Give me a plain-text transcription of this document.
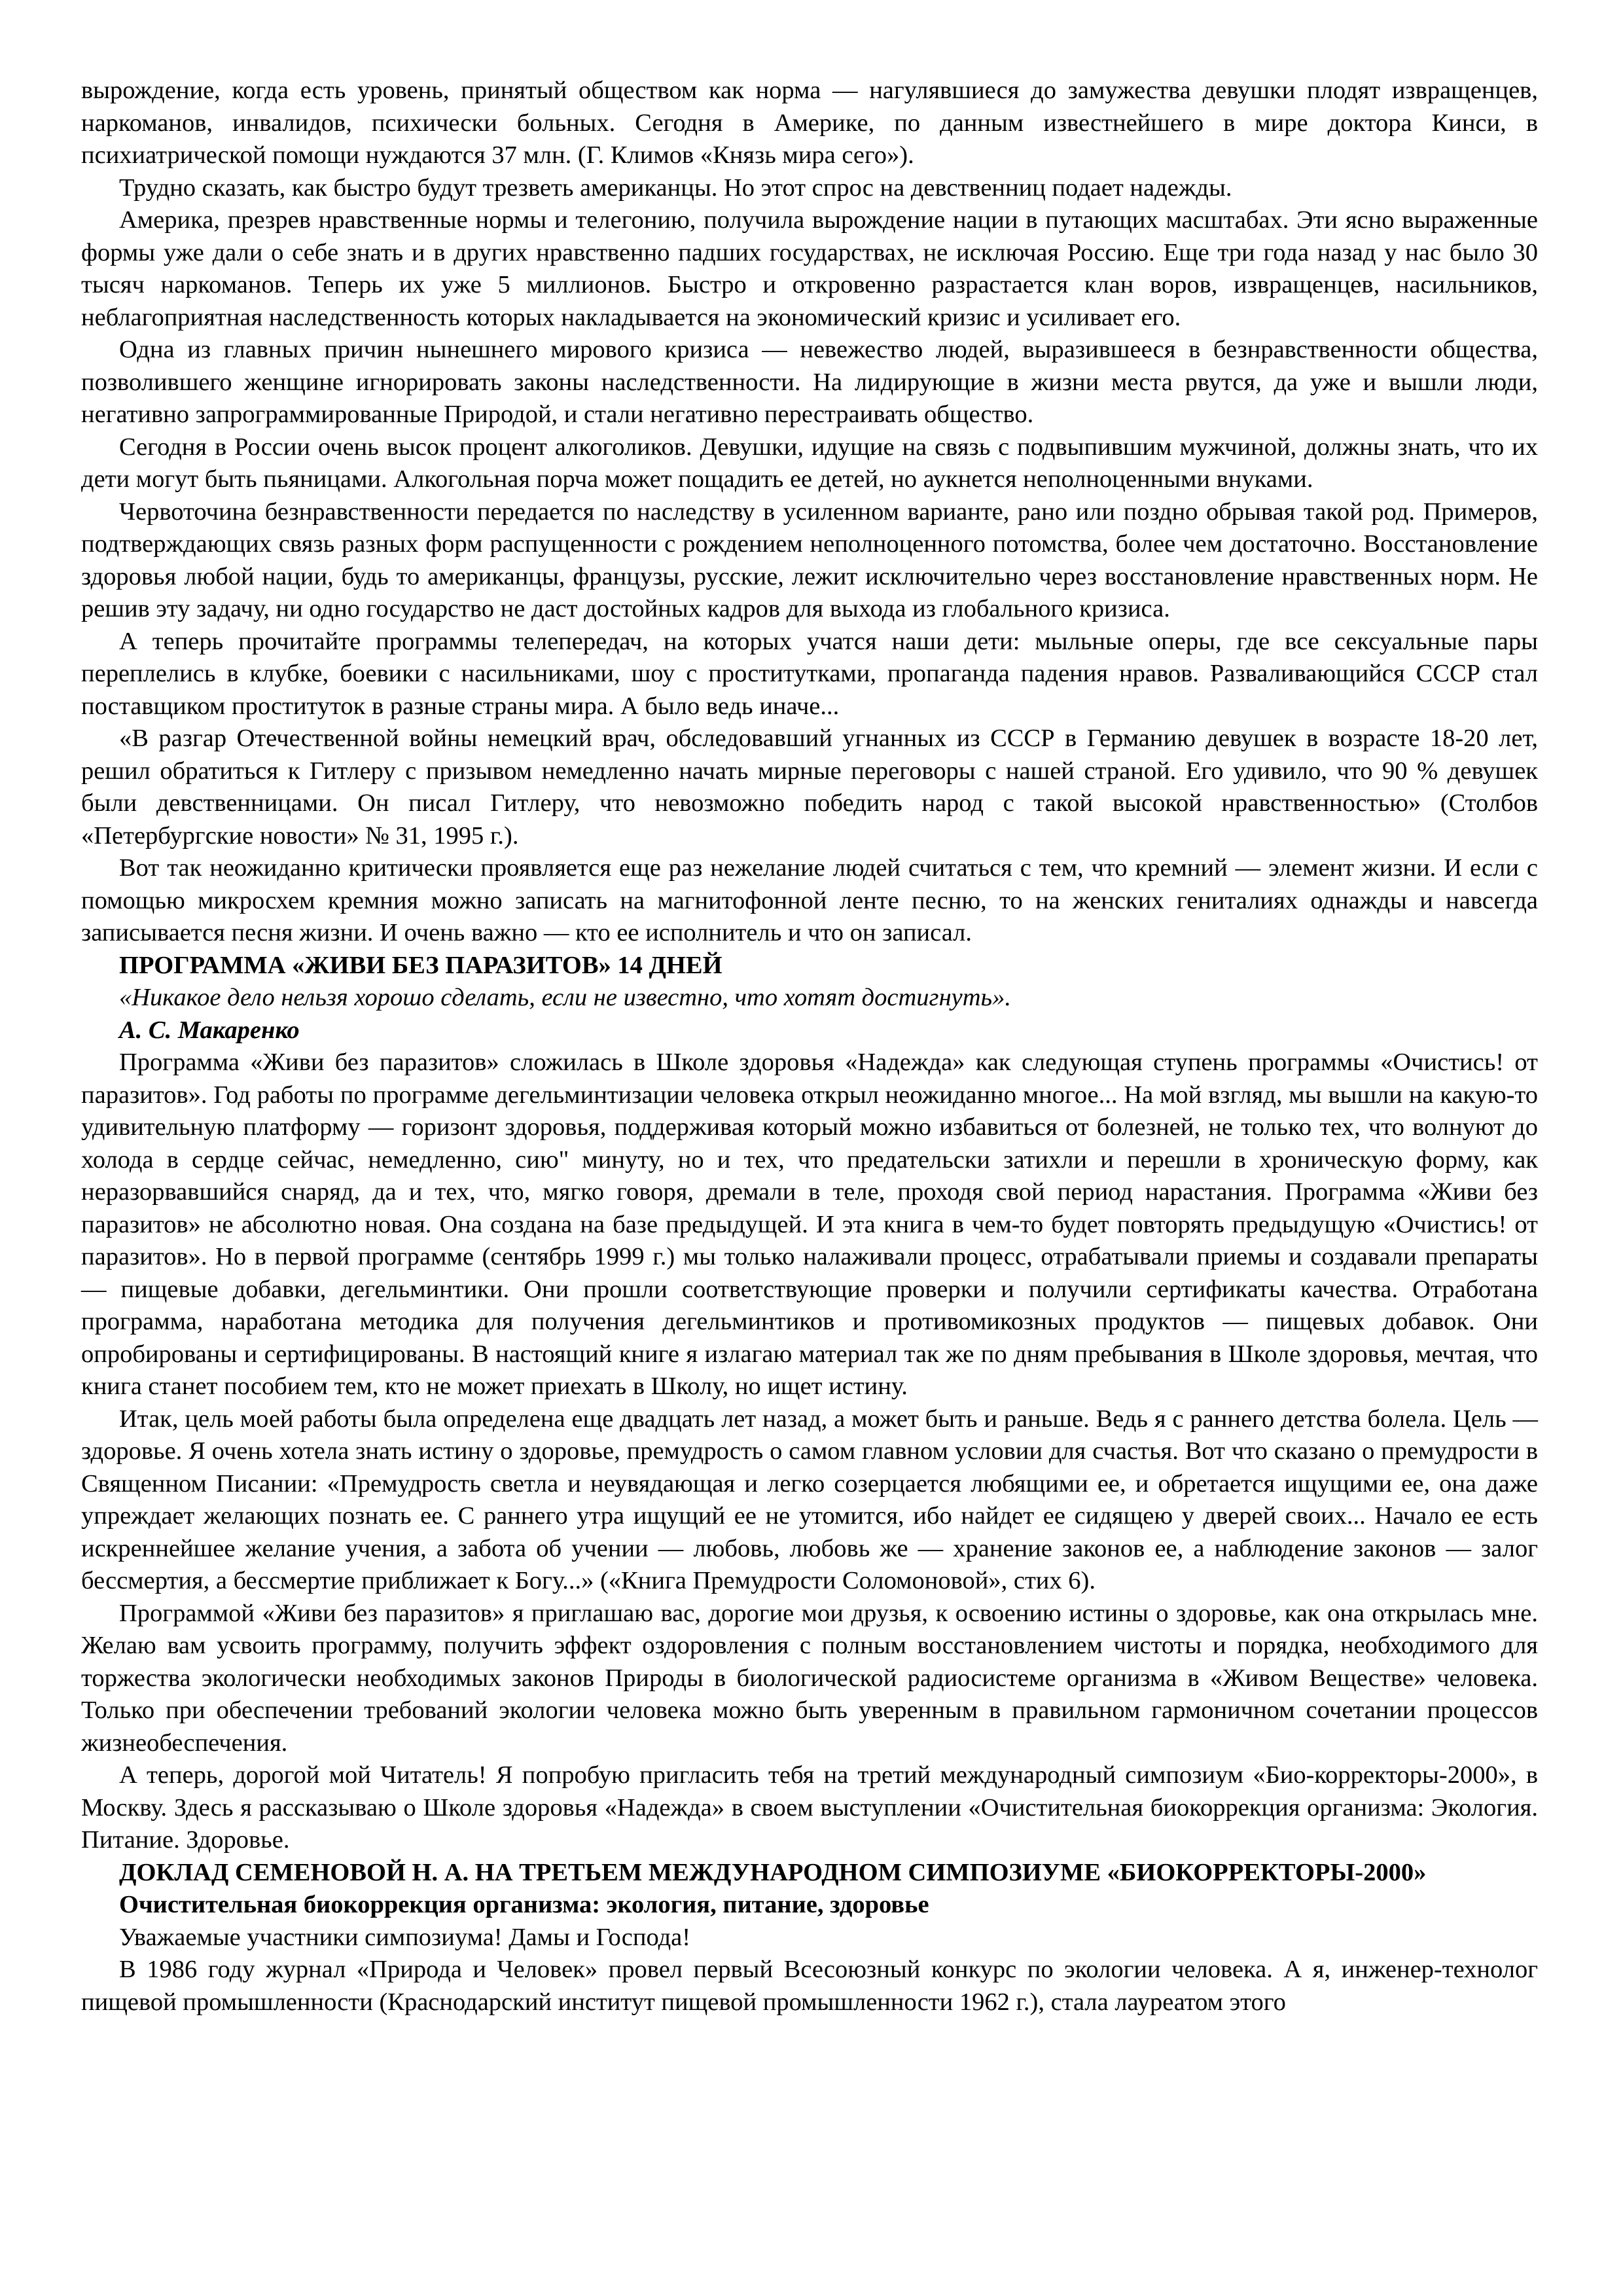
вырождение, когда есть уровень, принятый обществом как норма — нагулявшиеся до замужества девушки плодят извращенцев, наркоманов, инвалидов, психически больных. Сегодня в Америке, по данным известнейшего в мире доктора Кинси, в психиатрической помощи нуждаются 37 млн. (Г. Климов «Князь мира сего»).

Трудно сказать, как быстро будут трезветь американцы. Но этот спрос на девственниц подает надежды.

Америка, презрев нравственные нормы и телегонию, получила вырождение нации в путающих масштабах. Эти ясно выраженные формы уже дали о себе знать и в других нравственно падших государствах, не исключая Россию. Еще три года назад у нас было 30 тысяч наркоманов. Теперь их уже 5 миллионов. Быстро и откровенно разрастается клан воров, извращенцев, насильников, неблагоприятная наследственность которых накладывается на экономический кризис и усиливает его.

Одна из главных причин нынешнего мирового кризиса — невежество людей, выразившееся в безнравственности общества, позволившего женщине игнорировать законы наследственности. На лидирующие в жизни места рвутся, да уже и вышли люди, негативно запрограммированные Природой, и стали негативно перестраивать общество.

Сегодня в России очень высок процент алкоголиков. Девушки, идущие на связь с подвыпившим мужчиной, должны знать, что их дети могут быть пьяницами. Алкогольная порча может пощадить ее детей, но аукнется неполноценными внуками.

Червоточина безнравственности передается по наследству в усиленном варианте, рано или поздно обрывая такой род. Примеров, подтверждающих связь разных форм распущенности с рождением неполноценного потомства, более чем достаточно. Восстановление здоровья любой нации, будь то американцы, французы, русские, лежит исключительно через восстановление нравственных норм. Не решив эту задачу, ни одно государство не даст достойных кадров для выхода из глобального кризиса.

А теперь прочитайте программы телепередач, на которых учатся наши дети: мыльные оперы, где все сексуальные пары переплелись в клубке, боевики с насильниками, шоу с проститутками, пропаганда падения нравов. Разваливающийся СССР стал поставщиком проституток в разные страны мира. А было ведь иначе...

«В разгар Отечественной войны немецкий врач, обследовавший угнанных из СССР в Германию девушек в возрасте 18-20 лет, решил обратиться к Гитлеру с призывом немедленно начать мирные переговоры с нашей страной. Его удивило, что 90 % девушек были девственницами. Он писал Гитлеру, что невозможно победить народ с такой высокой нравственностью» (Столбов «Петербургские новости» № 31, 1995 г.).

Вот так неожиданно критически проявляется еще раз нежелание людей считаться с тем, что кремний — элемент жизни. И если с помощью микросхем кремния можно записать на магнитофонной ленте песню, то на женских гениталиях однажды и навсегда записывается песня жизни. И очень важно — кто ее исполнитель и что он записал.

ПРОГРАММА «ЖИВИ БЕЗ ПАРАЗИТОВ» 14 ДНЕЙ

«Никакое дело нельзя хорошо сделать, если не известно, что хотят достигнуть».

А. С. Макаренко

Программа «Живи без паразитов» сложилась в Школе здоровья «Надежда» как следующая ступень программы «Очистись! от паразитов». Год работы по программе дегельминтизации человека открыл неожиданно многое... На мой взгляд, мы вышли на какую-то удивительную платформу — горизонт здоровья, поддерживая который можно избавиться от болезней, не только тех, что волнуют до холода в сердце сейчас, немедленно, сию" минуту, но и тех, что предательски затихли и перешли в хроническую форму, как неразорвавшийся снаряд, да и тех, что, мягко говоря, дремали в теле, проходя свой период нарастания. Программа «Живи без паразитов» не абсолютно новая. Она создана на базе предыдущей. И эта книга в чем-то будет повторять предыдущую «Очистись! от паразитов». Но в первой программе (сентябрь 1999 г.) мы только налаживали процесс, отрабатывали приемы и создавали препараты — пищевые добавки, дегельминтики. Они прошли соответствующие проверки и получили сертификаты качества. Отработана программа, наработана методика для получения дегельминтиков и противомикозных продуктов — пищевых добавок. Они опробированы и сертифицированы. В настоящий книге я излагаю материал так же по дням пребывания в Школе здоровья, мечтая, что книга станет пособием тем, кто не может приехать в Школу, но ищет истину.

Итак, цель моей работы была определена еще двадцать лет назад, а может быть и раньше. Ведь я с раннего детства болела. Цель — здоровье. Я очень хотела знать истину о здоровье, премудрость о самом главном условии для счастья. Вот что сказано о премудрости в Священном Писании: «Премудрость светла и неувядающая и легко созерцается любящими ее, и обретается ищущими ее, она даже упреждает желающих познать ее. С раннего утра ищущий ее не утомится, ибо найдет ее сидящею у дверей своих... Начало ее есть искреннейшее желание учения, а забота об учении — любовь, любовь же — хранение законов ее, а наблюдение законов — залог бессмертия, а бессмертие приближает к Богу...» («Книга Премудрости Соломоновой», стих 6).

Программой «Живи без паразитов» я приглашаю вас, дорогие мои друзья, к освоению истины о здоровье, как она открылась мне. Желаю вам усвоить программу, получить эффект оздоровления с полным восстановлением чистоты и порядка, необходимого для торжества экологически необходимых законов Природы в биологической радиосистеме организма в «Живом Веществе» человека. Только при обеспечении требований экологии человека можно быть уверенным в правильном гармоничном сочетании процессов жизнеобеспечения.

А теперь, дорогой мой Читатель! Я попробую пригласить тебя на третий международный симпозиум «Био-корректоры-2000», в Москву. Здесь я рассказываю о Школе здоровья «Надежда» в своем выступлении «Очистительная биокоррекция организма: Экология. Питание. Здоровье.

ДОКЛАД СЕМЕНОВОЙ Н. А. НА ТРЕТЬЕМ МЕЖДУНАРОДНОМ СИМПОЗИУМЕ «БИОКОРРЕКТОРЫ-2000»

Очистительная биокоррекция организма: экология, питание, здоровье

Уважаемые участники симпозиума! Дамы и Господа!

В 1986 году журнал «Природа и Человек» провел первый Всесоюзный конкурс по экологии человека. А я, инженер-технолог пищевой промышленности (Краснодарский институт пищевой промышленности 1962 г.), стала лауреатом этого
